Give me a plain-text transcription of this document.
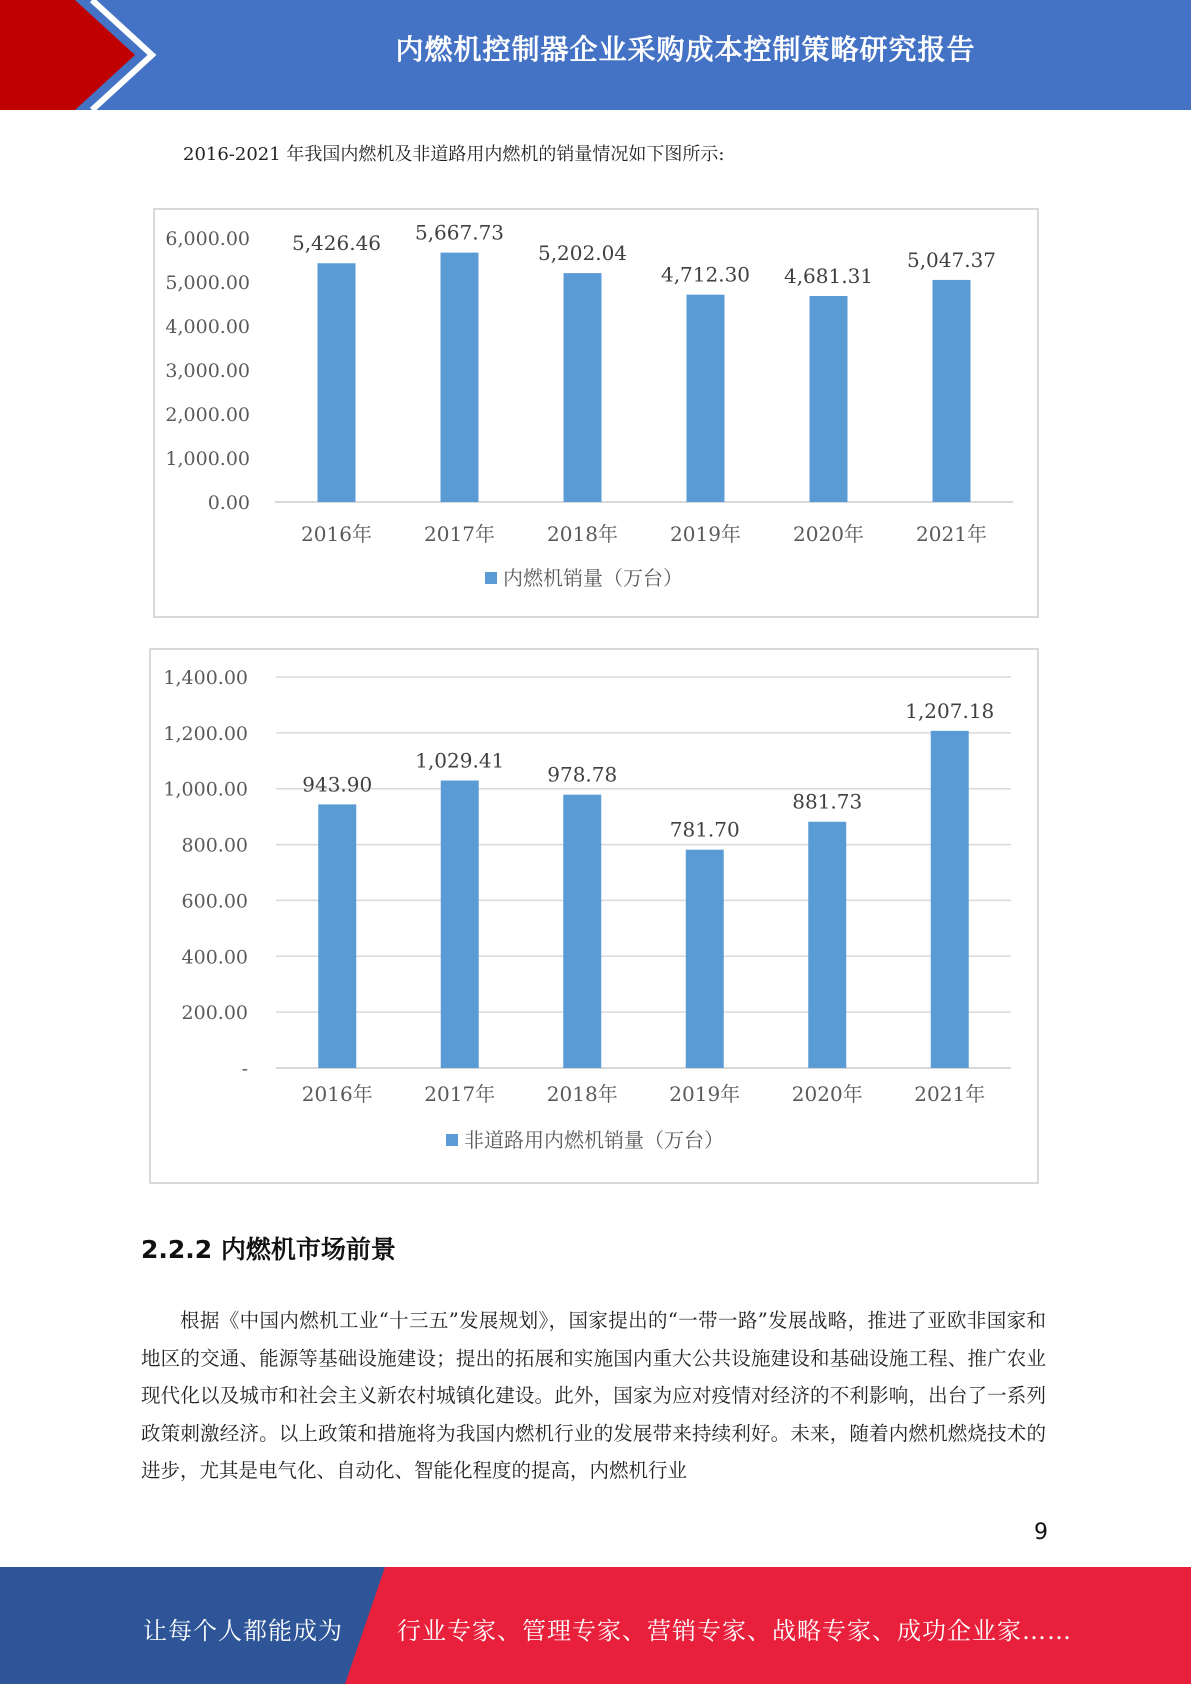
内燃机控制器企业采购成本控制策略研究报告
2016-2021 年我国内燃机及非道路用内燃机的销量情况如下图所示:
0.00
1,000.00
2,000.00
3,000.00
4,000.00
5,000.00
6,000.00 5,426.46
2016年
5,667.73
2017年
5,202.04
2018年
4,712.30
2019年
4,681.31
2020年
5,047.37
2021年
内燃机销量（万台）
-
200.00
400.00
600.00
800.00
1,000.00
1,200.00
1,400.00
943.90
2016年
1,029.41
2017年
978.78
2018年
781.70
2019年
881.73
2020年
1,207.18
2021年
非道路用内燃机销量（万台）
2.2.2 内燃机市场前景
根据《中国内燃机工业“十三五”发展规划》，国家提出的“一带一路”发展战略，推进了亚欧非国家和地区的交通、能源等基础设施建设；提出的拓展和实施国内重大公共设施建设和基础设施工程、推广农业现代化以及城市和社会主义新农村城镇化建设。此外，国家为应对疫情对经济的不利影响，出台了一系列政策刺激经济。以上政策和措施将为我国内燃机行业的发展带来持续利好。未来，随着内燃机燃烧技术的进步，尤其是电气化、自动化、智能化程度的提高，内燃机行业
9
让每个人都能成为 行业专家、管理专家、营销专家、战略专家、成功企业家……
